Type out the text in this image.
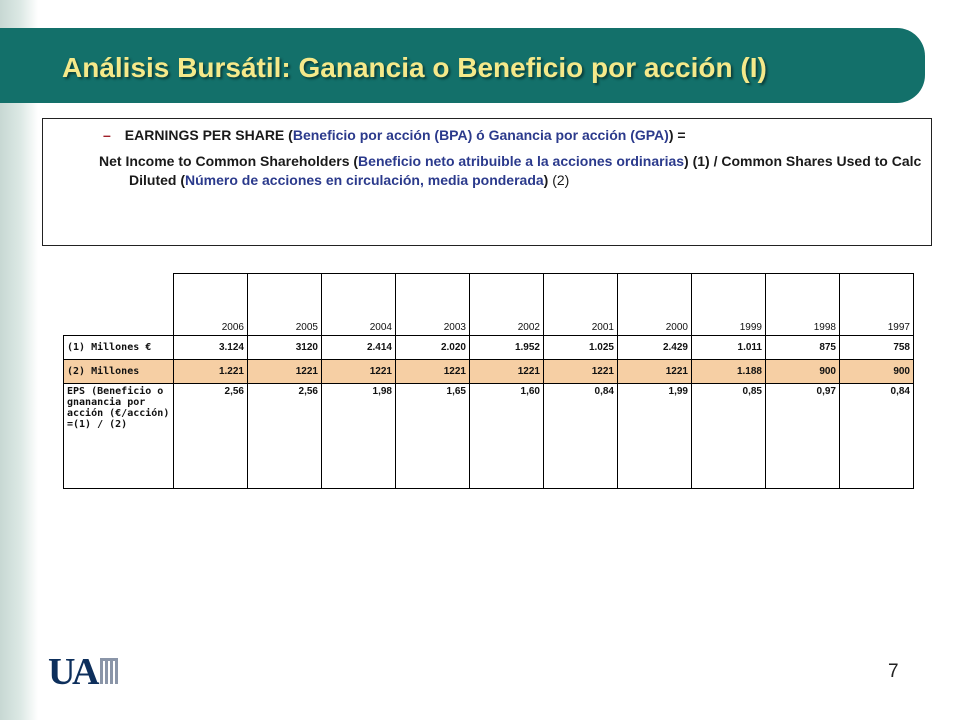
Análisis Bursátil: Ganancia o Beneficio por acción (I)
– EARNINGS PER SHARE (Beneficio por acción (BPA) ó Ganancia por acción (GPA)) =
Net Income to Common Shareholders (Beneficio neto atribuible a la acciones ordinarias) (1) / Common Shares Used to Calc Diluted (Número de acciones en circulación, media ponderada) (2)
	2006	2005	2004	2003	2002	2001	2000	1999	1998	1997
(1) Millones €	3.124	3120	2.414	2.020	1.952	1.025	2.429	1.011	875	758
(2) Millones	1.221	1221	1221	1221	1221	1221	1221	1.188	900	900
EPS (Beneficio o gnanancia por acción (€/acción) =(1) / (2)	2,56	2,56	1,98	1,65	1,60	0,84	1,99	0,85	0,97	0,84
U
A	7
